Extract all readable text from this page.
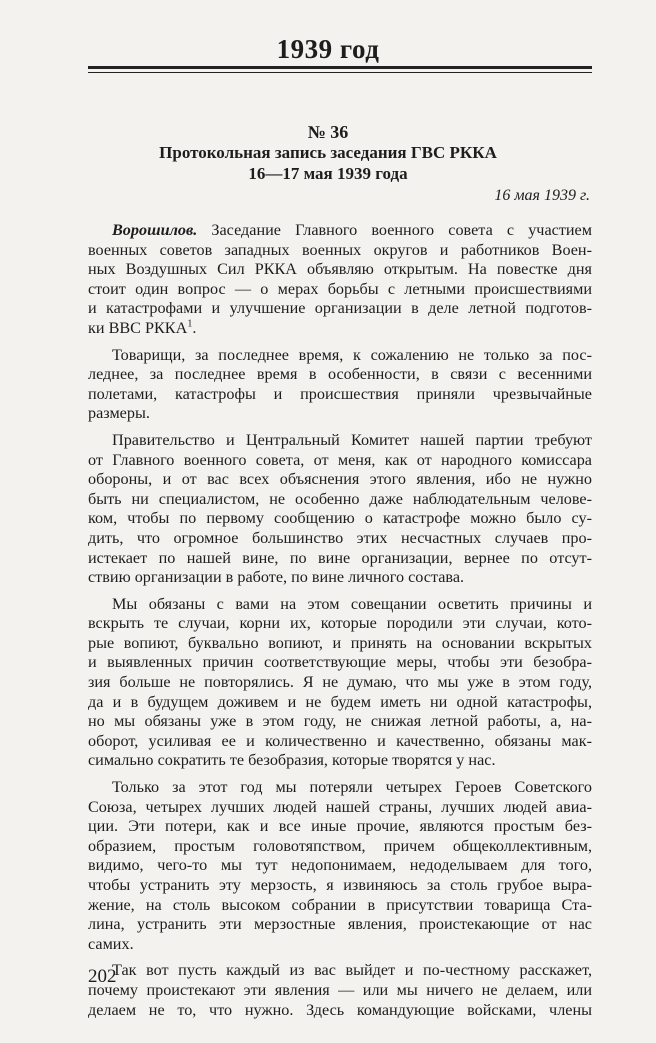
1939 год
№ 36
Протокольная запись заседания ГВС РККА
16—17 мая 1939 года
16 мая 1939 г.
Ворошилов. Заседание Главного военного совета с участием
военных советов западных военных округов и работников Воен-
ных Воздушных Сил РККА объявляю открытым. На повестке дня
стоит один вопрос — о мерах борьбы с летными происшествиями
и катастрофами и улучшение организации в деле летной подготов-
ки ВВС РККА$^1$.
Товарищи, за последнее время, к сожалению не только за пос-
леднее, за последнее время в особенности, в связи с весенними
полетами, катастрофы и происшествия приняли чрезвычайные
размеры.
Правительство и Центральный Комитет нашей партии требуют
от Главного военного совета, от меня, как от народного комиссара
обороны, и от вас всех объяснения этого явления, ибо не нужно
быть ни специалистом, не особенно даже наблюдательным челове-
ком, чтобы по первому сообщению о катастрофе можно было су-
дить, что огромное большинство этих несчастных случаев про-
истекает по нашей вине, по вине организации, вернее по отсут-
ствию организации в работе, по вине личного состава.
Мы обязаны с вами на этом совещании осветить причины и
вскрыть те случаи, корни их, которые породили эти случаи, кото-
рые вопиют, буквально вопиют, и принять на основании вскрытых
и выявленных причин соответствующие меры, чтобы эти безобра-
зия больше не повторялись. Я не думаю, что мы уже в этом году,
да и в будущем доживем и не будем иметь ни одной катастрофы,
но мы обязаны уже в этом году, не снижая летной работы, а, на-
оборот, усиливая ее и количественно и качественно, обязаны мак-
симально сократить те безобразия, которые творятся у нас.
Только за этот год мы потеряли четырех Героев Советского
Союза, четырех лучших людей нашей страны, лучших людей авиа-
ции. Эти потери, как и все иные прочие, являются простым без-
образием, простым головотяпством, причем общеколлективным,
видимо, чего-то мы тут недопонимаем, недоделываем для того,
чтобы устранить эту мерзость, я извиняюсь за столь грубое выра-
жение, на столь высоком собрании в присутствии товарища Ста-
лина, устранить эти мерзостные явления, проистекающие от нас
самих.
Так вот пусть каждый из вас выйдет и по-честному расскажет,
почему проистекают эти явления — или мы ничего не делаем, или
делаем не то, что нужно. Здесь командующие войсками, члены
202
